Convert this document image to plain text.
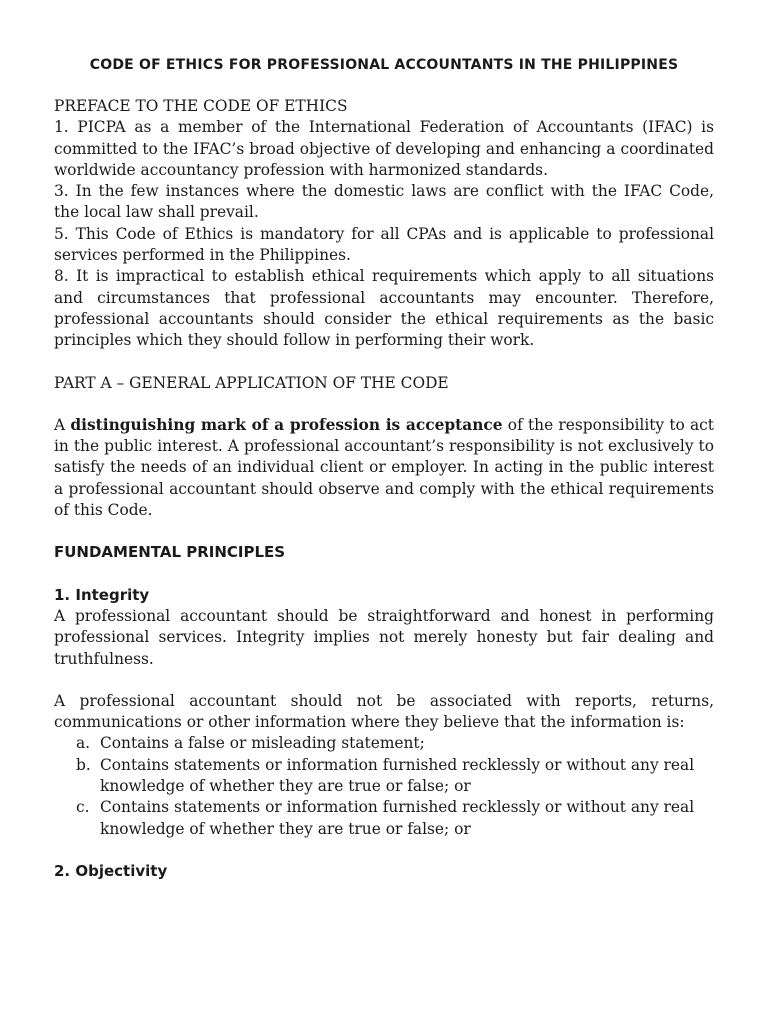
CODE OF ETHICS FOR PROFESSIONAL ACCOUNTANTS IN THE PHILIPPINES

PREFACE TO THE CODE OF ETHICS

1. PICPA as a member of the International Federation of Accountants (IFAC) is committed to the IFAC’s broad objective of developing and enhancing a coordinated worldwide accountancy profession with harmonized standards.

3. In the few instances where the domestic laws are conflict with the IFAC Code, the local law shall prevail.

5. This Code of Ethics is mandatory for all CPAs and is applicable to professional services performed in the Philippines.

8. It is impractical to establish ethical requirements which apply to all situations and circumstances that professional accountants may encounter. Therefore, professional accountants should consider the ethical requirements as the basic principles which they should follow in performing their work.

PART A – GENERAL APPLICATION OF THE CODE

A distinguishing mark of a profession is acceptance of the responsibility to act in the public interest. A professional accountant’s responsibility is not exclusively to satisfy the needs of an individual client or employer. In acting in the public interest a professional accountant should observe and comply with the ethical requirements of this Code.

FUNDAMENTAL PRINCIPLES

1. Integrity

A professional accountant should be straightforward and honest in performing professional services. Integrity implies not merely honesty but fair dealing and truthfulness.

A professional accountant should not be associated with reports, returns, communications or other information where they believe that the information is:

a. Contains a false or misleading statement;
b. Contains statements or information furnished recklessly or without any real knowledge of whether they are true or false; or
c. Contains statements or information furnished recklessly or without any real knowledge of whether they are true or false; or

2. Objectivity
